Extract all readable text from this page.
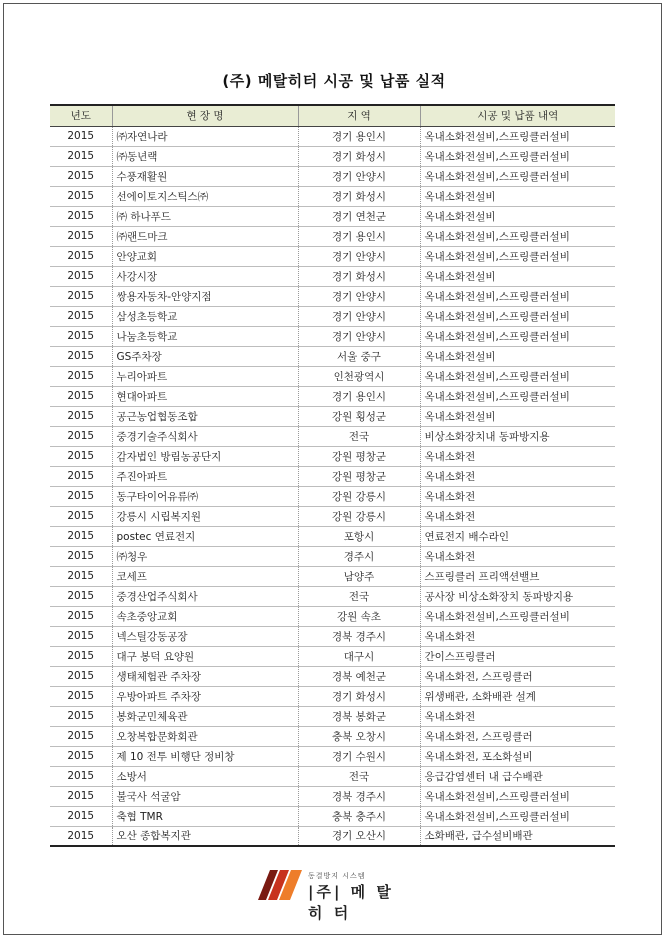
(주) 메탈히터 시공 및 납품 실적
년도	현 장 명	지 역	시공 및 납품 내역
2015	㈜자연나라	경기 용인시	옥내소화전설비,스프링클러설비
2015	㈜동년랙	경기 화성시	옥내소화전설비,스프링클러설비
2015	수풍재활원	경기 안양시	옥내소화전설비,스프링클러설비
2015	선에이토지스틱스㈜	경기 화성시	옥내소화전설비
2015	㈜ 하나푸드	경기 연천군	옥내소화전설비
2015	㈜랜드마크	경기 용인시	옥내소화전설비,스프링클러설비
2015	안양교회	경기 안양시	옥내소화전설비,스프링클러설비
2015	사강시장	경기 화성시	옥내소화전설비
2015	쌍용자동차-안양지점	경기 안양시	옥내소화전설비,스프링클러설비
2015	삼성초등학교	경기 안양시	옥내소화전설비,스프링클러설비
2015	나눔초등학교	경기 안양시	옥내소화전설비,스프링클러설비
2015	GS주차장	서울 중구	옥내소화전설비
2015	누리아파트	인천광역시	옥내소화전설비,스프링클러설비
2015	현대아파트	경기 용인시	옥내소화전설비,스프링클러설비
2015	공근농업협동조합	강원 횡성군	옥내소화전설비
2015	중경기술주식회사	전국	비상소화장치내 동파방지용
2015	감자법인 방림농공단지	강원 평창군	옥내소화전
2015	주진아파트	강원 평창군	옥내소화전
2015	동구타이어유류㈜	강원 강릉시	옥내소화전
2015	강릉시 시립복지원	강원 강릉시	옥내소화전
2015	postec 연료전지	포항시	연료전지 배수라인
2015	㈜청우	경주시	옥내소화전
2015	코세프	남양주	스프링클러 프리액션밸브
2015	중경산업주식회사	전국	공사장 비상소화장치 동파방지용
2015	속초중앙교회	강원 속초	옥내소화전설비,스프링클러설비
2015	넥스틸강동공장	경북 경주시	옥내소화전
2015	대구 봉덕 요양원	대구시	간이스프링클러
2015	생태체험관 주차장	경북 예천군	옥내소화전, 스프링클러
2015	우방아파트 주차장	경기 화성시	위생배관, 소화배관 설계
2015	봉화군민체육관	경북 봉화군	옥내소화전
2015	오창복합문화회관	충북 오창시	옥내소화전, 스프링클러
2015	제 10 전투 비행단 정비창	경기 수원시	옥내소화전, 포소화설비
2015	소방서	전국	응급감염센터 내 급수배관
2015	불국사 석굴암	경북 경주시	옥내소화전설비,스프링클러설비
2015	축협 TMR	충북 충주시	옥내소화전설비,스프링클러설비
2015	오산 종합복지관	경기 오산시	소화배관, 급수설비배관
동결방지 시스템
|주| 메 탈 히 터
